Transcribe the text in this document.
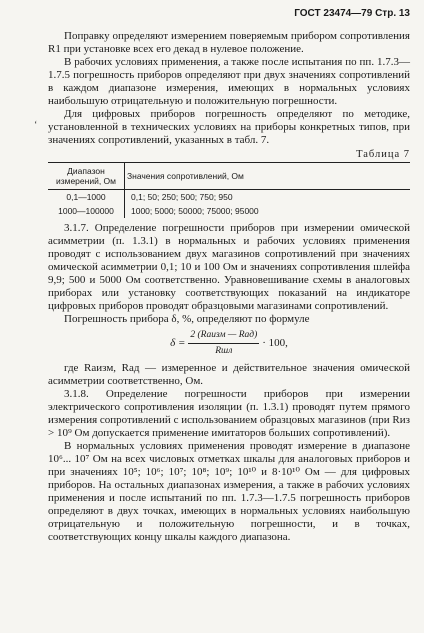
ГОСТ 23474—79 Стр. 13
ʻ

Поправку определяют измерением поверяемым прибором сопротивления R1 при установке всех его декад в нулевое положение.

В рабочих условиях применения, а также после испытания по пп. 1.7.3—1.7.5 погрешность приборов определяют при двух значениях сопротивлений в каждом диапазоне измерения, имеющих в нормальных условиях наибольшую отрицательную и положительную погрешности.

Для цифровых приборов погрешность определяют по методике, установленной в технических условиях на приборы конкретных типов, при значениях сопротивлений, указанных в табл. 7.

Таблица 7
Диапазон измерений, Ом	Значения сопротивлений, Ом
0,1—1000	0,1; 50; 250; 500; 750; 950
1000—100000	1000; 5000; 50000; 75000; 95000

3.1.7. Определение погрешности приборов при измерении омической асимметрии (п. 1.3.1) в нормальных и рабочих условиях применения проводят с использованием двух магазинов сопротивлений при значениях омической асимметрии 0,1; 10 и 100 Ом и значениях сопротивления шлейфа 9,9; 500 и 5000 Ом соответственно. Уравновешивание схемы в аналоговых приборах или установку соответствующих показаний на индикаторе цифровых приборов проводят образцовыми магазинами сопротивлений.

Погрешность прибора δ, %, определяют по формуле

$\delta = \frac{\text{2 (Rаизм — Rад)}}{\text{Rшл}} \cdot 100$,

где Rаизм, Rад — измеренное и действительное значения омической асимметрии соответственно, Ом.

3.1.8. Определение погрешности приборов при измерении электрического сопротивления изоляции (п. 1.3.1) проводят путем прямого измерения сопротивлений с использованием образцовых магазинов (при Rиз > 10⁹ Ом допускается применение имитаторов больших сопротивлений).

В нормальных условиях применения проводят измерение в диапазоне 10⁶... 10⁷ Ом на всех числовых отметках шкалы для аналоговых приборов и при значениях 10⁵; 10⁶; 10⁷; 10⁸; 10⁹; 10¹⁰ и 8·10¹⁰ Ом — для цифровых приборов. На остальных диапазонах измерения, а также в рабочих условиях применения и после испытаний по пп. 1.7.3—1.7.5 погрешность приборов определяют в двух точках, имеющих в нормальных условиях наибольшую отрицательную и положительную погрешности, и в точках, соответствующих концу шкалы каждого диапазона.
